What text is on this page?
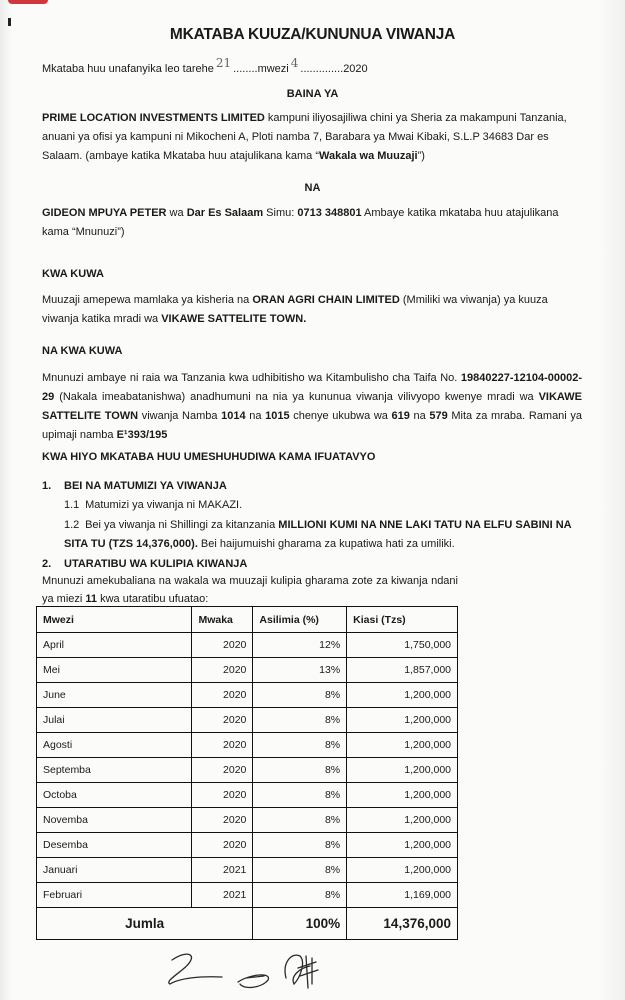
MKATABA KUUZA/KUNUNUA VIWANJA
Mkataba huu unafanyika leo tarehe 21 ........mwezi 4 ..............2020
BAINA YA
PRIME LOCATION INVESTMENTS LIMITED kampuni iliyosajiliwa chini ya Sheria za makampuni Tanzania, anuani ya ofisi ya kampuni ni Mikocheni A, Ploti namba 7, Barabara ya Mwai Kibaki, S.L.P 34683 Dar es Salaam. (ambaye katika Mkataba huu atajulikana kama “Wakala wa Muuzaji”)
NA
GIDEON MPUYA PETER wa Dar Es Salaam Simu: 0713 348801 Ambaye katika mkataba huu atajulikana kama “Mnunuzi”)
KWA KUWA
Muuzaji amepewa mamlaka ya kisheria na ORAN AGRI CHAIN LIMITED (Mmiliki wa viwanja) ya kuuza viwanja katika mradi wa VIKAWE SATTELITE TOWN.
NA KWA KUWA
Mnunuzi ambaye ni raia wa Tanzania kwa udhibitisho wa Kitambulisho cha Taifa No. 19840227-12104-00002-29 (Nakala imeabatanishwa) anadhumuni na nia ya kununua viwanja vilivyopo kwenye mradi wa VIKAWE SATTELITE TOWN viwanja Namba 1014 na 1015 chenye ukubwa wa 619 na 579 Mita za mraba. Ramani ya upimaji namba E¹393/195
KWA HIYO MKATABA HUU UMESHUHUDIWA KAMA IFUATAVYO
1. BEI NA MATUMIZI YA VIWANJA
1.1 Matumizi ya viwanja ni MAKAZI.
1.2 Bei ya viwanja ni Shillingi za kitanzania MILLIONI KUMI NA NNE LAKI TATU NA ELFU SABINI NA SITA TU (TZS 14,376,000). Bei haijumuishi gharama za kupatiwa hati za umiliki.
2. UTARATIBU WA KULIPIA KIWANJA
Mnunuzi amekubaliana na wakala wa muuzaji kulipia gharama zote za kiwanja ndani ya miezi 11 kwa utaratibu ufuatao:
Mwezi	Mwaka	Asilimia (%)	Kiasi (Tzs)
April	2020	12%	1,750,000
Mei	2020	13%	1,857,000
June	2020	8%	1,200,000
Julai	2020	8%	1,200,000
Agosti	2020	8%	1,200,000
Septemba	2020	8%	1,200,000
Octoba	2020	8%	1,200,000
Novemba	2020	8%	1,200,000
Desemba	2020	8%	1,200,000
Januari	2021	8%	1,200,000
Februari	2021	8%	1,169,000
Jumla		100%	14,376,000
